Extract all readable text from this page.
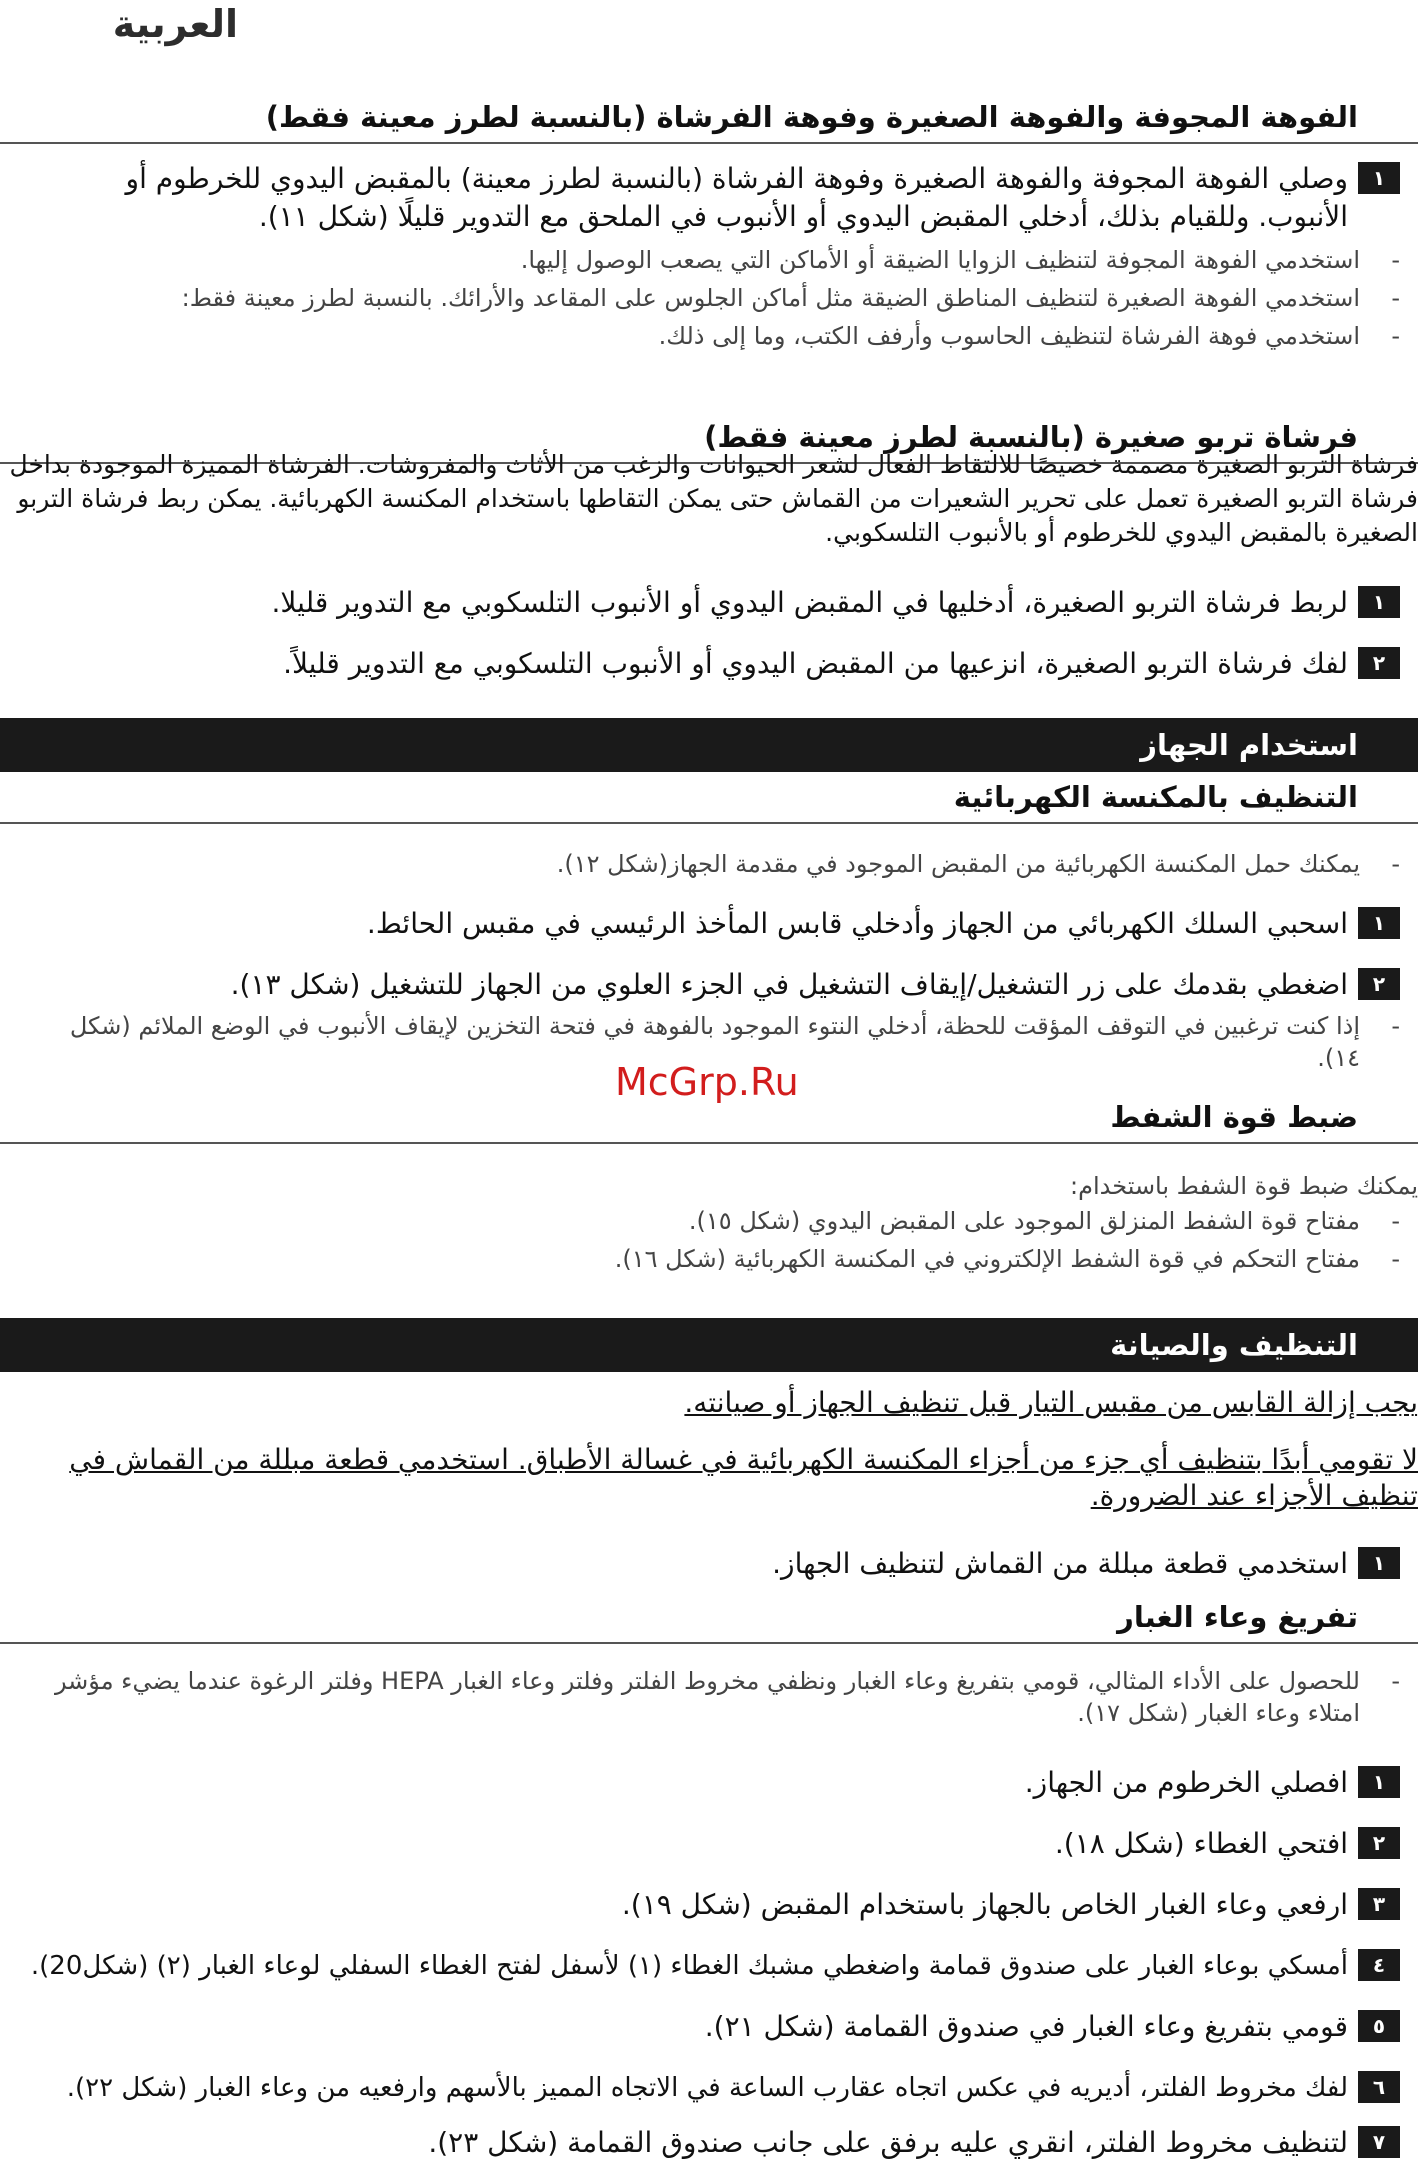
العربية
الفوهة المجوفة والفوهة الصغيرة وفوهة الفرشاة (بالنسبة لطرز معينة فقط)
١
وصلي الفوهة المجوفة والفوهة الصغيرة وفوهة الفرشاة (بالنسبة لطرز معينة) بالمقبض اليدوي للخرطوم أو الأنبوب. وللقيام بذلك، أدخلي المقبض اليدوي أو الأنبوب في الملحق مع التدوير قليلًا (شكل ١١).
-
استخدمي الفوهة المجوفة لتنظيف الزوايا الضيقة أو الأماكن التي يصعب الوصول إليها.
-
استخدمي الفوهة الصغيرة لتنظيف المناطق الضيقة مثل أماكن الجلوس على المقاعد والأرائك. بالنسبة لطرز معينة فقط:
-
استخدمي فوهة الفرشاة لتنظيف الحاسوب وأرفف الكتب، وما إلى ذلك.
فرشاة تربو صغيرة (بالنسبة لطرز معينة فقط)
فرشاة التربو الصغيرة مصممة خصيصًا للالتقاط الفعال لشعر الحيوانات والزغب من الأثاث والمفروشات. الفرشاة المميزة الموجودة بداخل فرشاة التربو الصغيرة تعمل على تحرير الشعيرات من القماش حتى يمكن التقاطها باستخدام المكنسة الكهربائية. يمكن ربط فرشاة التربو الصغيرة بالمقبض اليدوي للخرطوم أو بالأنبوب التلسكوبي.
١
لربط فرشاة التربو الصغيرة، أدخليها في المقبض اليدوي أو الأنبوب التلسكوبي مع التدوير قليلا.
٢
لفك فرشاة التربو الصغيرة، انزعيها من المقبض اليدوي أو الأنبوب التلسكوبي مع التدوير قليلاً.
استخدام الجهاز
التنظيف بالمكنسة الكهربائية
-
يمكنك حمل المكنسة الكهربائية من المقبض الموجود في مقدمة الجهاز(شكل ١٢).
١
اسحبي السلك الكهربائي من الجهاز وأدخلي قابس المأخذ الرئيسي في مقبس الحائط.
٢
اضغطي بقدمك على زر التشغيل/إيقاف التشغيل في الجزء العلوي من الجهاز للتشغيل (شكل ١٣).
-
إذا كنت ترغبين في التوقف المؤقت للحظة، أدخلي النتوء الموجود بالفوهة في فتحة التخزين لإيقاف الأنبوب في الوضع الملائم (شكل ١٤).
McGrp.Ru
ضبط قوة الشفط
يمكنك ضبط قوة الشفط باستخدام:
-
مفتاح قوة الشفط المنزلق الموجود على المقبض اليدوي (شكل ١٥).
-
مفتاح التحكم في قوة الشفط الإلكتروني في المكنسة الكهربائية (شكل ١٦).
التنظيف والصيانة
يجب إزالة القابس من مقبس التيار قبل تنظيف الجهاز أو صيانته.
لا تقومي أبدًا بتنظيف أي جزء من أجزاء المكنسة الكهربائية في غسالة الأطباق. استخدمي قطعة مبللة من القماش في تنظيف الأجزاء عند الضرورة.
١
استخدمي قطعة مبللة من القماش لتنظيف الجهاز.
تفريغ وعاء الغبار
-
للحصول على الأداء المثالي، قومي بتفريغ وعاء الغبار ونظفي مخروط الفلتر وفلتر وعاء الغبار HEPA وفلتر الرغوة عندما يضيء مؤشر امتلاء وعاء الغبار (شكل ١٧).
١
افصلي الخرطوم من الجهاز.
٢
افتحي الغطاء (شكل ١٨).
٣
ارفعي وعاء الغبار الخاص بالجهاز باستخدام المقبض (شكل ١٩).
٤
أمسكي بوعاء الغبار على صندوق قمامة واضغطي مشبك الغطاء (١) لأسفل لفتح الغطاء السفلي لوعاء الغبار (٢) (شكل20).
٥
قومي بتفريغ وعاء الغبار في صندوق القمامة (شكل ٢١).
٦
لفك مخروط الفلتر، أديريه في عكس اتجاه عقارب الساعة في الاتجاه المميز بالأسهم وارفعيه من وعاء الغبار (شكل ٢٢).
٧
لتنظيف مخروط الفلتر، انقري عليه برفق على جانب صندوق القمامة (شكل ٢٣).
